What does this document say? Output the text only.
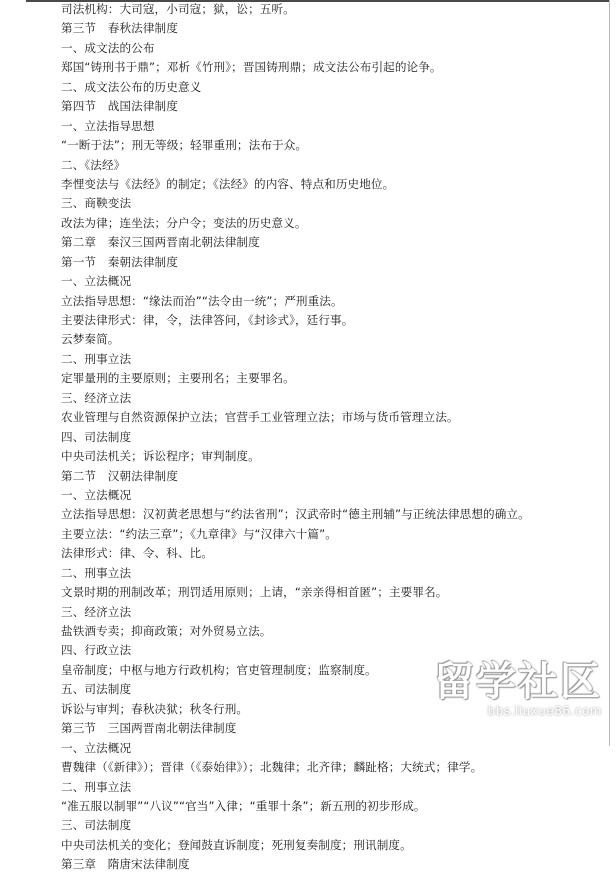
司法机构：大司寇，小司寇；狱，讼；五听。
第三节　春秋法律制度
一、成文法的公布
郑国“铸刑书于鼎”；邓析《竹刑》；晋国铸刑鼎；成文法公布引起的论争。
二、成文法公布的历史意义
第四节　战国法律制度
一、立法指导思想
“一断于法”；刑无等级；轻罪重刑；法布于众。
二、《法经》
李悝变法与《法经》的制定；《法经》的内容、特点和历史地位。
三、商鞅变法
改法为律；连坐法；分户令；变法的历史意义。
第二章　秦汉三国两晋南北朝法律制度
第一节　秦朝法律制度
一、立法概况
立法指导思想：“缘法而治”“法令由一统”；严刑重法。
主要法律形式：律，令，法律答问，《封诊式》，廷行事。
云梦秦简。
二、刑事立法
定罪量刑的主要原则；主要刑名；主要罪名。
三、经济立法
农业管理与自然资源保护立法；官营手工业管理立法；市场与货币管理立法。
四、司法制度
中央司法机关；诉讼程序；审判制度。
第二节　汉朝法律制度
一、立法概况
立法指导思想：汉初黄老思想与“约法省刑”；汉武帝时“德主刑辅”与正统法律思想的确立。
主要立法：“约法三章”；《九章律》与“汉律六十篇”。
法律形式：律、令、科、比。
二、刑事立法
文景时期的刑制改革；刑罚适用原则；上请，“亲亲得相首匿”；主要罪名。
三、经济立法
盐铁酒专卖；抑商政策；对外贸易立法。
四、行政立法
皇帝制度；中枢与地方行政机构；官吏管理制度；监察制度。
五、司法制度
诉讼与审判；春秋决狱；秋冬行刑。
第三节　三国两晋南北朝法律制度
一、立法概况
曹魏律（《新律》）；晋律（《泰始律》）；北魏律；北齐律；麟趾格；大统式；律学。
二、刑事立法
“准五服以制罪”“八议”“官当”入律；“重罪十条”；新五刑的初步形成。
三、司法制度
中央司法机关的变化；登闻鼓直诉制度；死刑复奏制度；刑讯制度。
第三章　隋唐宋法律制度
留学社区
bbs.liuxue86.com
